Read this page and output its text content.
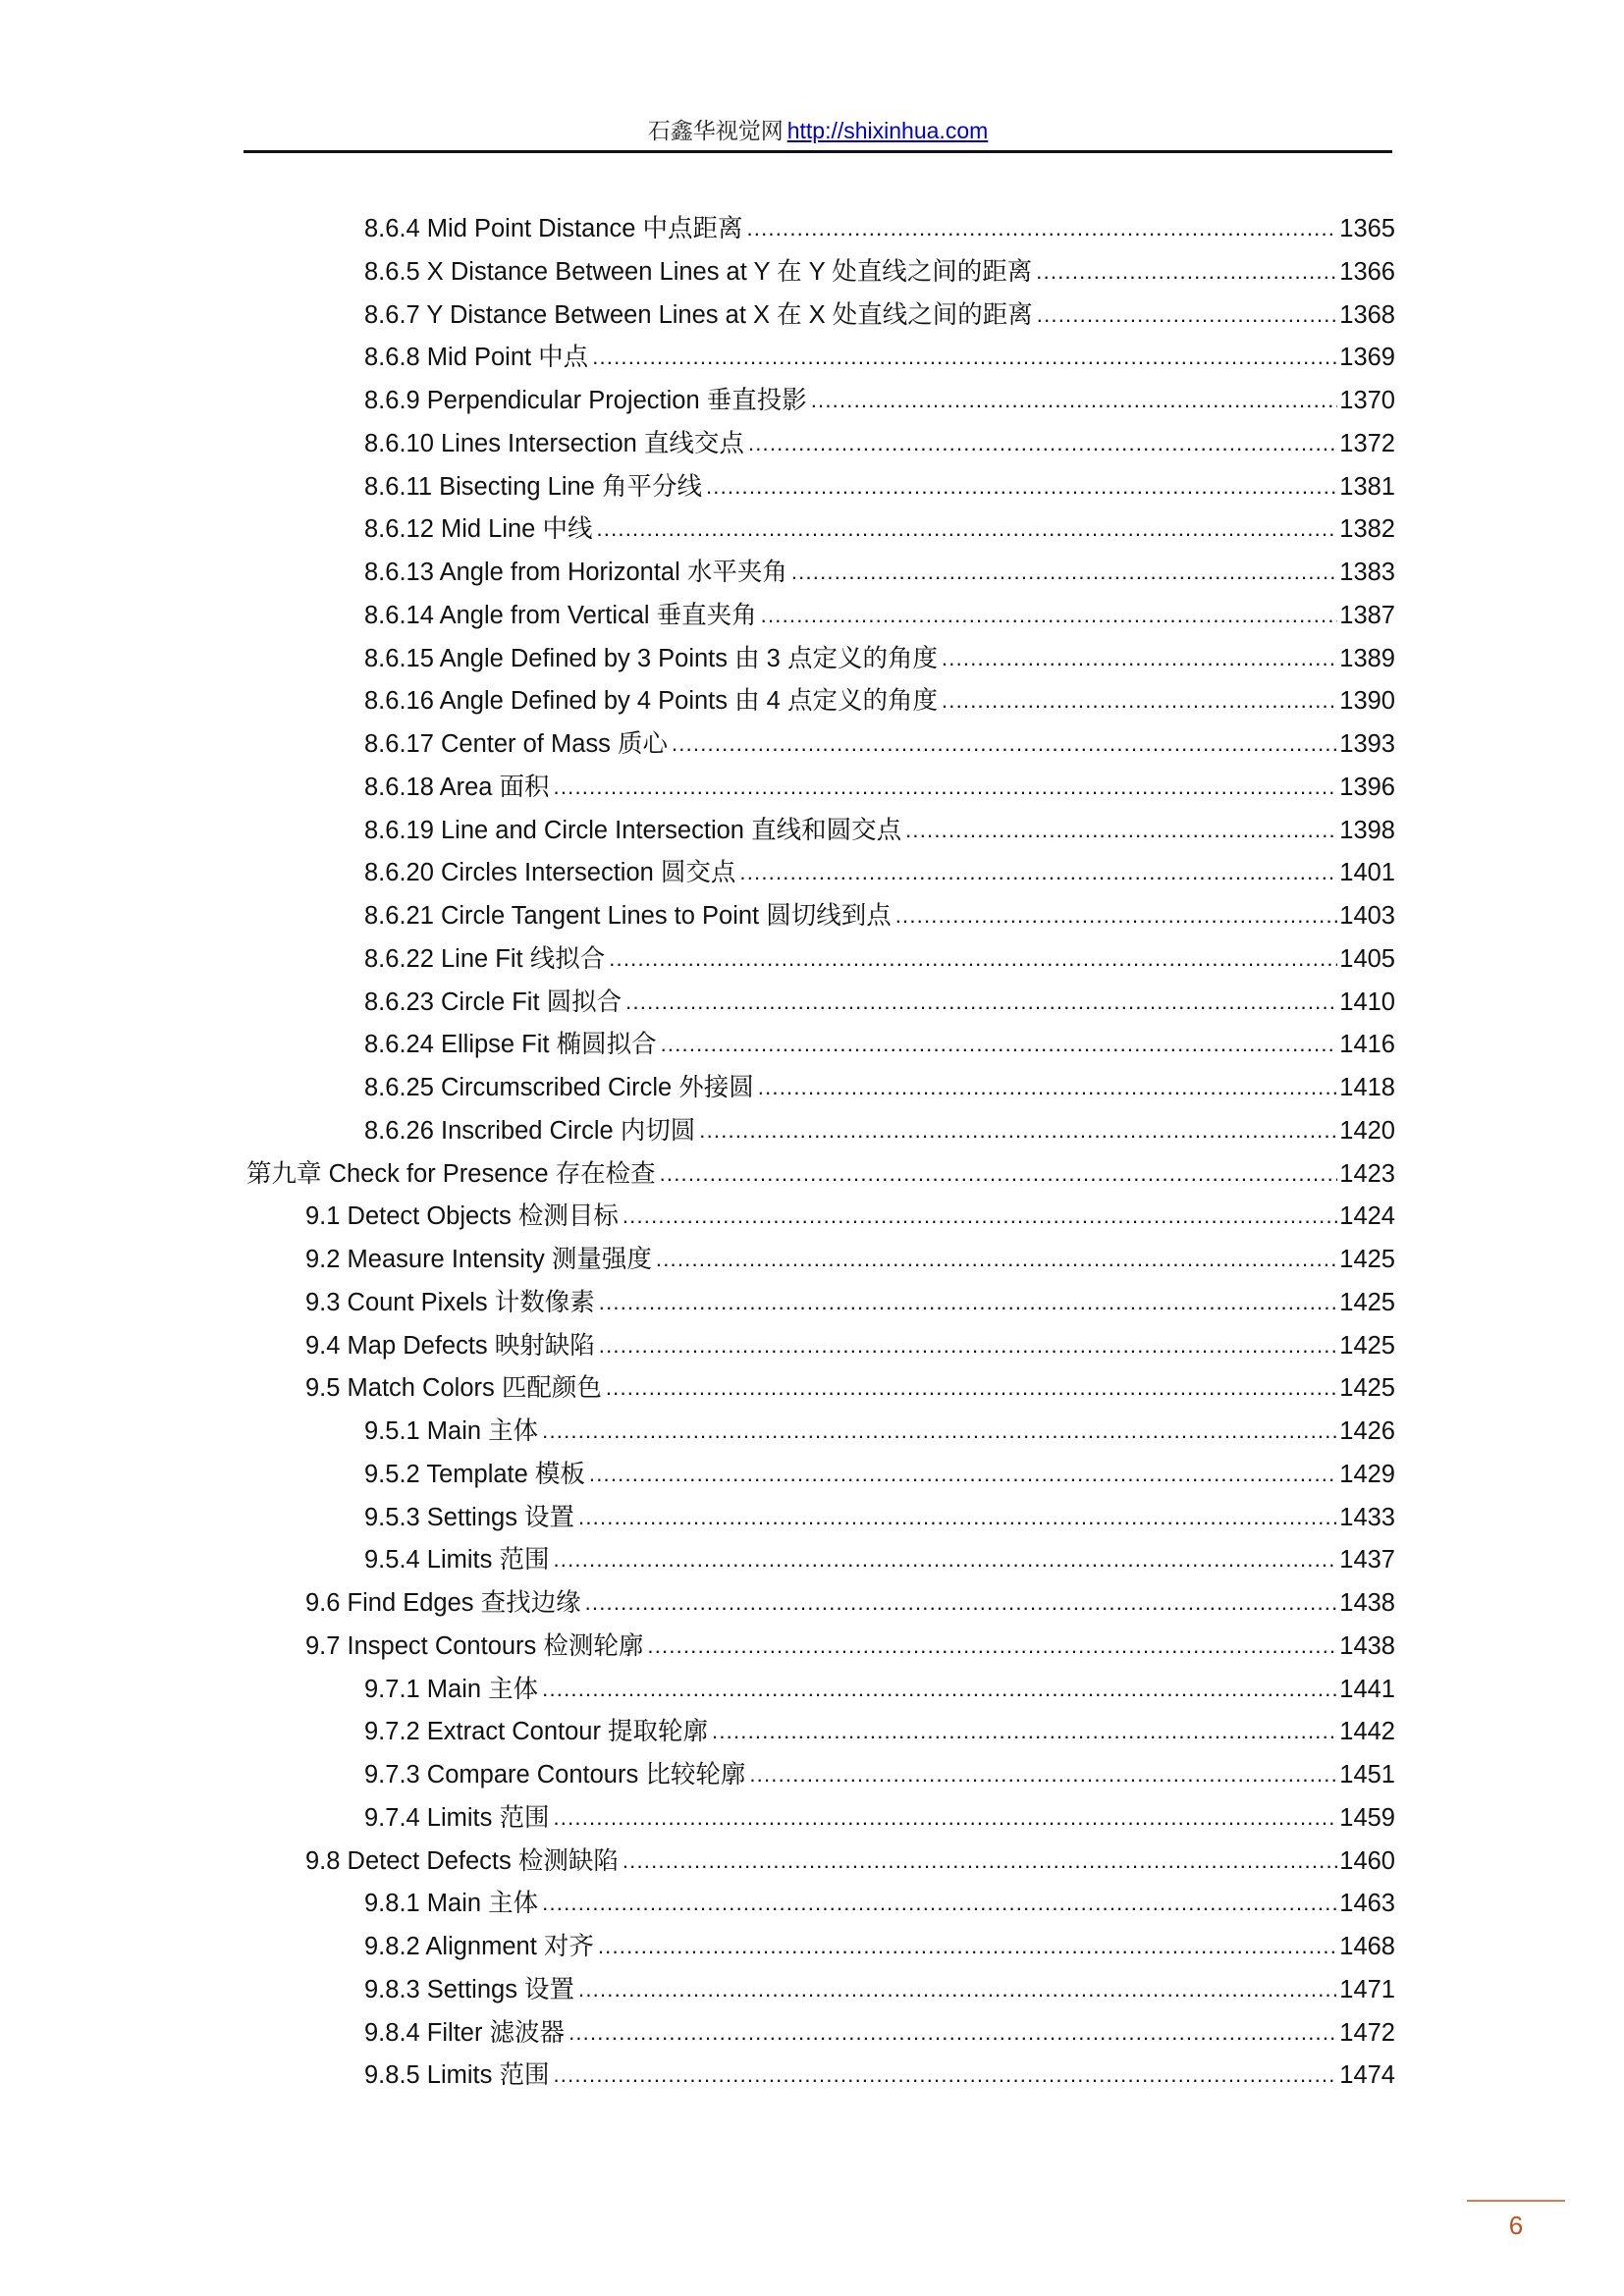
石鑫华视觉网 http://shixinhua.com
8.6.4 Mid Point Distance 中点距离 .....	1365
8.6.5 X Distance Between Lines at Y 在 Y 处直线之间的距离 .....	1366
8.6.7 Y Distance Between Lines at X 在 X 处直线之间的距离 .....	1368
8.6.8 Mid Point 中点 .....	1369
8.6.9 Perpendicular Projection 垂直投影 .....	1370
8.6.10 Lines Intersection 直线交点 .....	1372
8.6.11 Bisecting Line 角平分线 .....	1381
8.6.12 Mid Line 中线 .....	1382
8.6.13 Angle from Horizontal 水平夹角 .....	1383
8.6.14 Angle from Vertical 垂直夹角 .....	1387
8.6.15 Angle Defined by 3 Points 由 3 点定义的角度 .....	1389
8.6.16 Angle Defined by 4 Points 由 4 点定义的角度 .....	1390
8.6.17 Center of Mass 质心 .....	1393
8.6.18 Area 面积 .....	1396
8.6.19 Line and Circle Intersection 直线和圆交点 .....	1398
8.6.20 Circles Intersection 圆交点 .....	1401
8.6.21 Circle Tangent Lines to Point 圆切线到点 .....	1403
8.6.22 Line Fit 线拟合 .....	1405
8.6.23 Circle Fit 圆拟合 .....	1410
8.6.24 Ellipse Fit 椭圆拟合 .....	1416
8.6.25 Circumscribed Circle 外接圆 .....	1418
8.6.26 Inscribed Circle 内切圆 .....	1420
第九章 Check for Presence 存在检查 .....	1423
9.1 Detect Objects 检测目标 .....	1424
9.2 Measure Intensity 测量强度 .....	1425
9.3 Count Pixels 计数像素 .....	1425
9.4 Map Defects 映射缺陷 .....	1425
9.5 Match Colors 匹配颜色 .....	1425
9.5.1 Main 主体 .....	1426
9.5.2 Template 模板 .....	1429
9.5.3 Settings 设置 .....	1433
9.5.4 Limits 范围 .....	1437
9.6 Find Edges 查找边缘 .....	1438
9.7 Inspect Contours 检测轮廓 .....	1438
9.7.1 Main 主体 .....	1441
9.7.2 Extract Contour 提取轮廓 .....	1442
9.7.3 Compare Contours 比较轮廓 .....	1451
9.7.4 Limits 范围 .....	1459
9.8 Detect Defects 检测缺陷 .....	1460
9.8.1 Main 主体 .....	1463
9.8.2 Alignment 对齐 .....	1468
9.8.3 Settings 设置 .....	1471
9.8.4 Filter 滤波器 .....	1472
9.8.5 Limits 范围 .....	1474
6
